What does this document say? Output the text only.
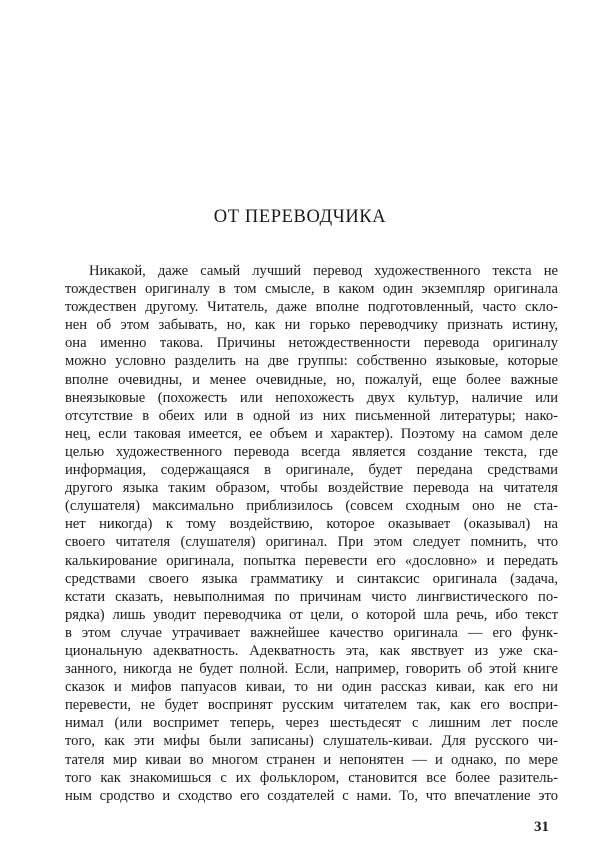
ОТ ПЕРЕВОДЧИКА
Никакой, даже самый лучший перевод художественного текста не
тождествен оригиналу в том смысле, в каком один экземпляр оригинала
тождествен другому. Читатель, даже вполне подготовленный, часто скло-
нен об этом забывать, но, как ни горько переводчику признать истину,
она именно такова. Причины нетождественности перевода оригиналу
можно условно разделить на две группы: собственно языковые, которые
вполне очевидны, и менее очевидные, но, пожалуй, еще более важные
внеязыковые (похожесть или непохожесть двух культур, наличие или
отсутствие в обеих или в одной из них письменной литературы; нако-
нец, если таковая имеется, ее объем и характер). Поэтому на самом деле
целью художественного перевода всегда является создание текста, где
информация, содержащаяся в оригинале, будет передана средствами
другого языка таким образом, чтобы воздействие перевода на читателя
(слушателя) максимально приблизилось (совсем сходным оно не ста-
нет никогда) к тому воздействию, которое оказывает (оказывал) на
своего читателя (слушателя) оригинал. При этом следует помнить, что
калькирование оригинала, попытка перевести его «дословно» и передать
средствами своего языка грамматику и синтаксис оригинала (задача,
кстати сказать, невыполнимая по причинам чисто лингвистического по-
рядка) лишь уводит переводчика от цели, о которой шла речь, ибо текст
в этом случае утрачивает важнейшее качество оригинала — его функ-
циональную адекватность. Адекватность эта, как явствует из уже ска-
занного, никогда не будет полной. Если, например, говорить об этой книге
сказок и мифов папуасов киваи, то ни один рассказ киваи, как его ни
перевести, не будет воспринят русским читателем так, как его воспри-
нимал (или воспримет теперь, через шестьдесят с лишним лет после
того, как эти мифы были записаны) слушатель-киваи. Для русского чи-
тателя мир киваи во многом странен и непонятен — и однако, по мере
того как знакомишься с их фольклором, становится все более разитель-
ным сродство и сходство его создателей с нами. То, что впечатление это
31
